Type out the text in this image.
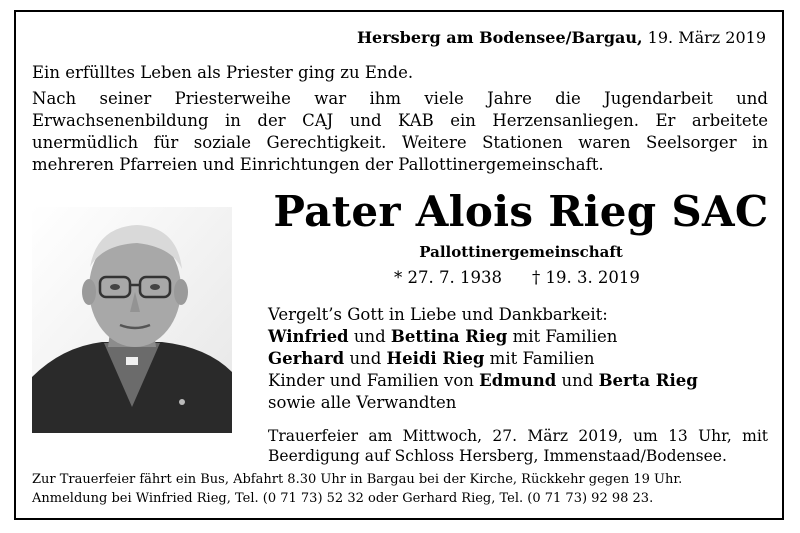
Hersberg am Bodensee/Bargau, 19. März 2019

Ein erfülltes Leben als Priester ging zu Ende.

Nach seiner Priesterweihe war ihm viele Jahre die Jugendarbeit und Erwachsenenbildung in der CAJ und KAB ein Herzensanliegen. Er arbeitete unermüdlich für soziale Gerechtigkeit. Weitere Stationen waren Seelsorger in mehreren Pfarreien und Einrichtungen der Pallottinergemeinschaft.

Pater Alois Rieg SAC
Pallottinergemeinschaft
* 27. 7. 1938 † 19. 3. 2019
Vergelt’s Gott in Liebe und Dankbarkeit:
Winfried und Bettina Rieg mit Familien
Gerhard und Heidi Rieg mit Familien
Kinder und Familien von Edmund und Berta Rieg
sowie alle Verwandten
Trauerfeier am Mittwoch, 27. März 2019, um 13 Uhr, mit Beerdigung auf Schloss Hersberg, Immenstaad/Bodensee.
Zur Trauerfeier fährt ein Bus, Abfahrt 8.30 Uhr in Bargau bei der Kirche, Rückkehr gegen 19 Uhr.
Anmeldung bei Winfried Rieg, Tel. (0 71 73) 52 32 oder Gerhard Rieg, Tel. (0 71 73) 92 98 23.
